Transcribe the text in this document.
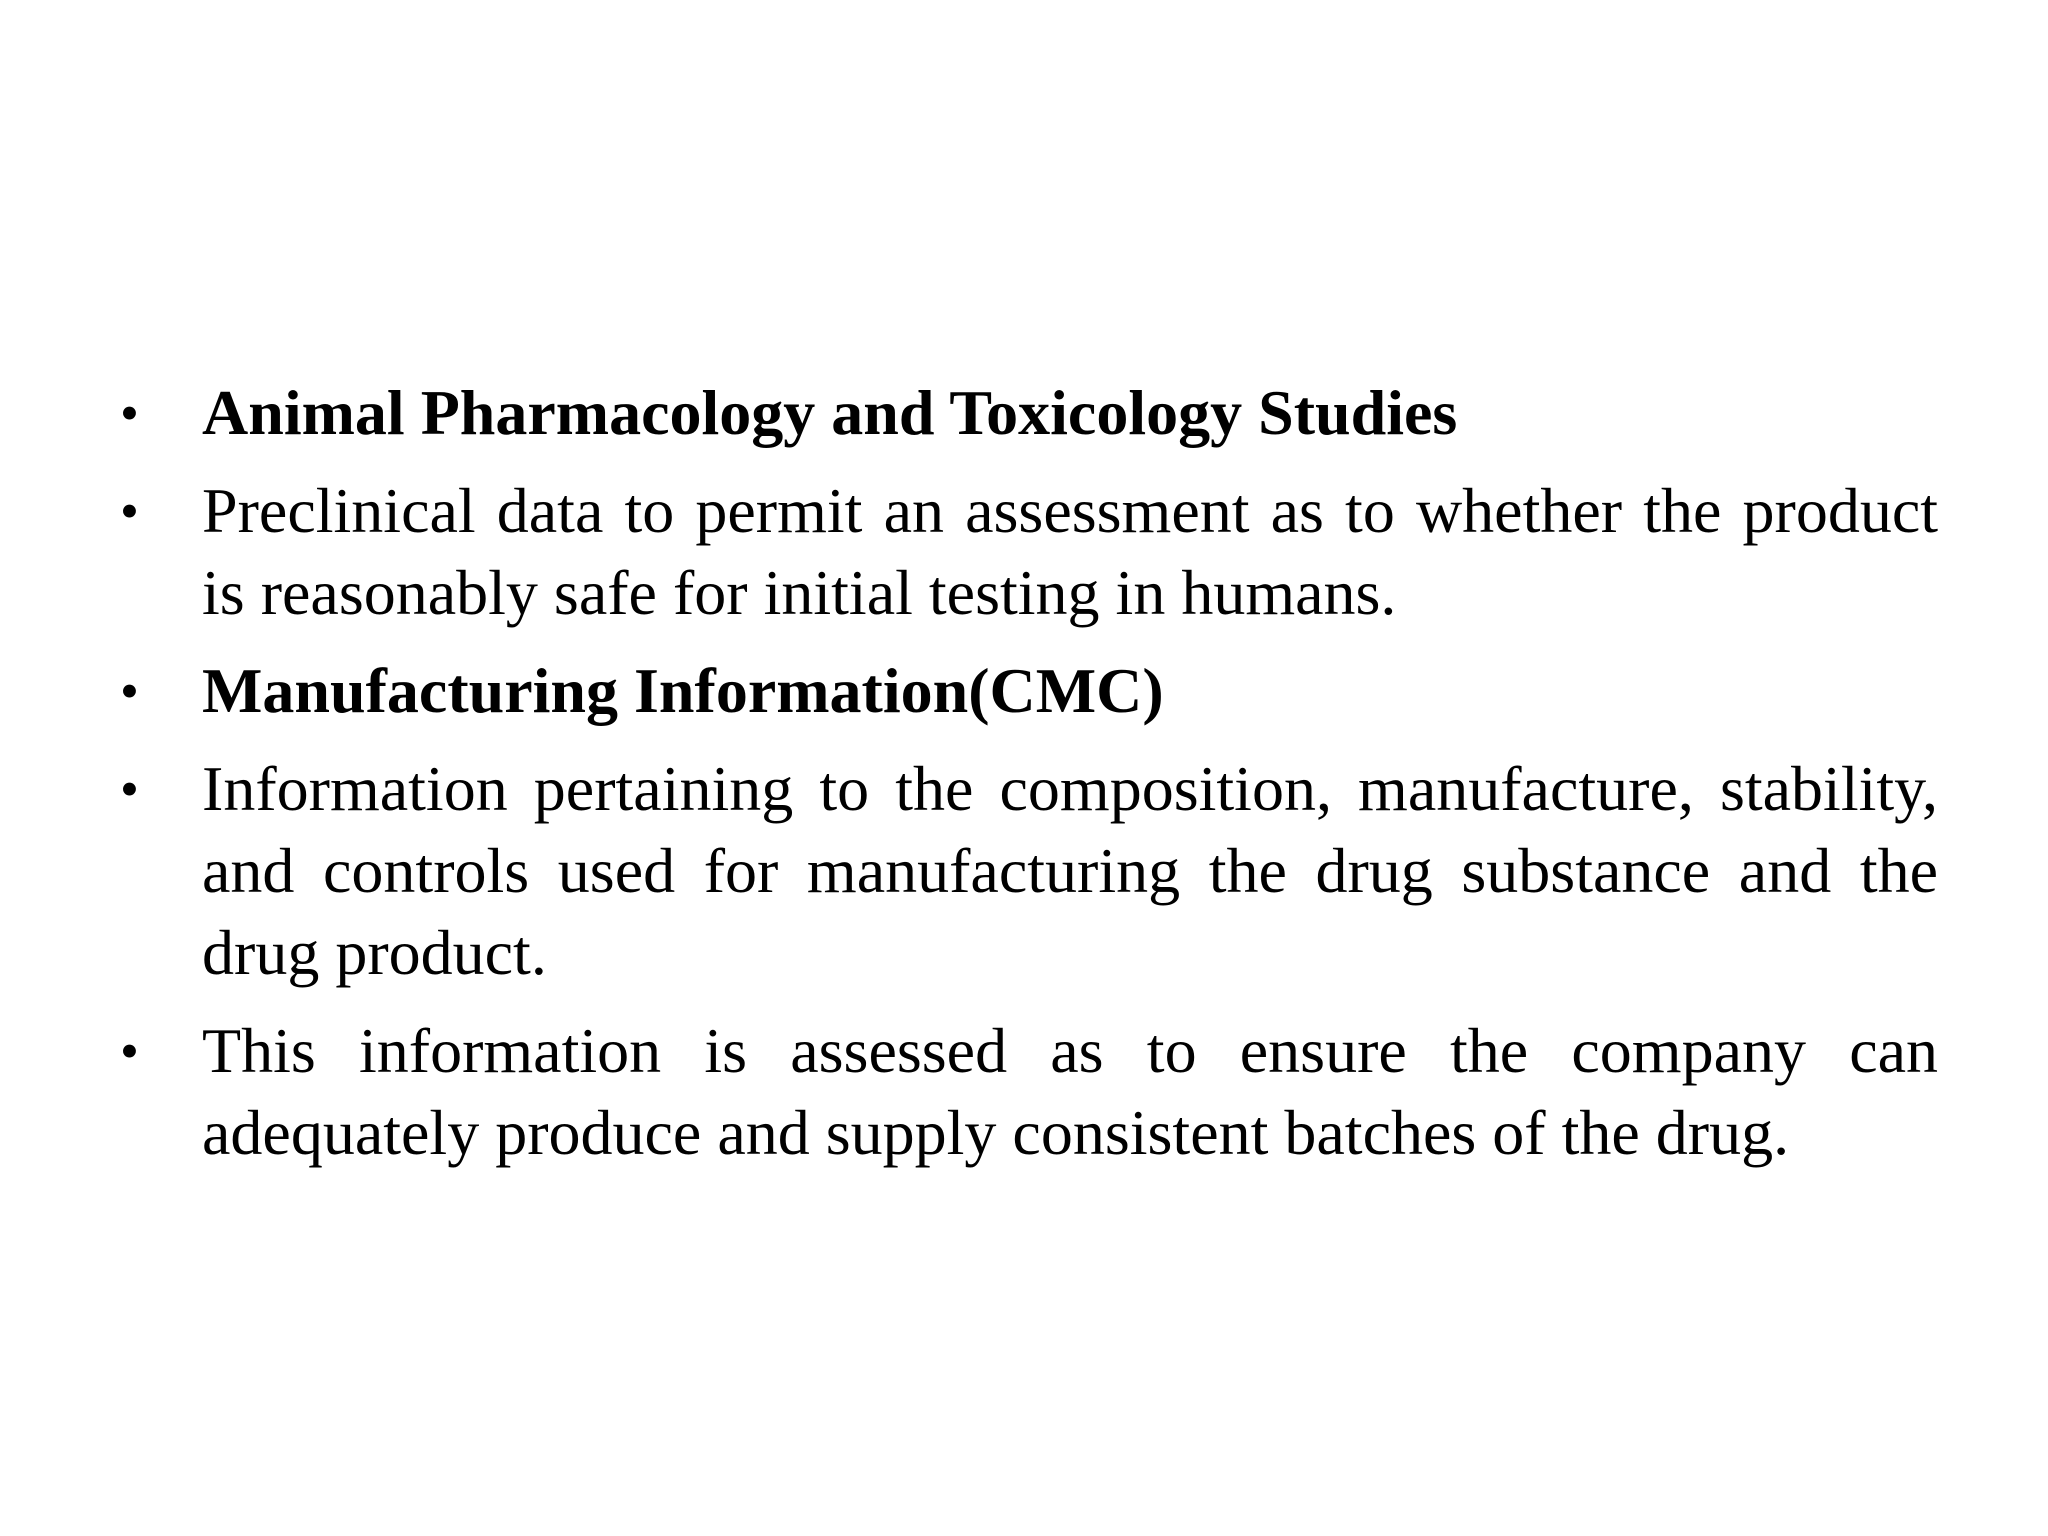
• Animal Pharmacology and Toxicology Studies
• Preclinical data to permit an assessment as to whether the product is reasonably safe for initial testing in humans.
• Manufacturing Information(CMC)
• Information pertaining to the composition, manufacture, stability, and controls used for manufacturing the drug substance and the drug product.
• This information is assessed as to ensure the company can adequately produce and supply consistent batches of the drug.
